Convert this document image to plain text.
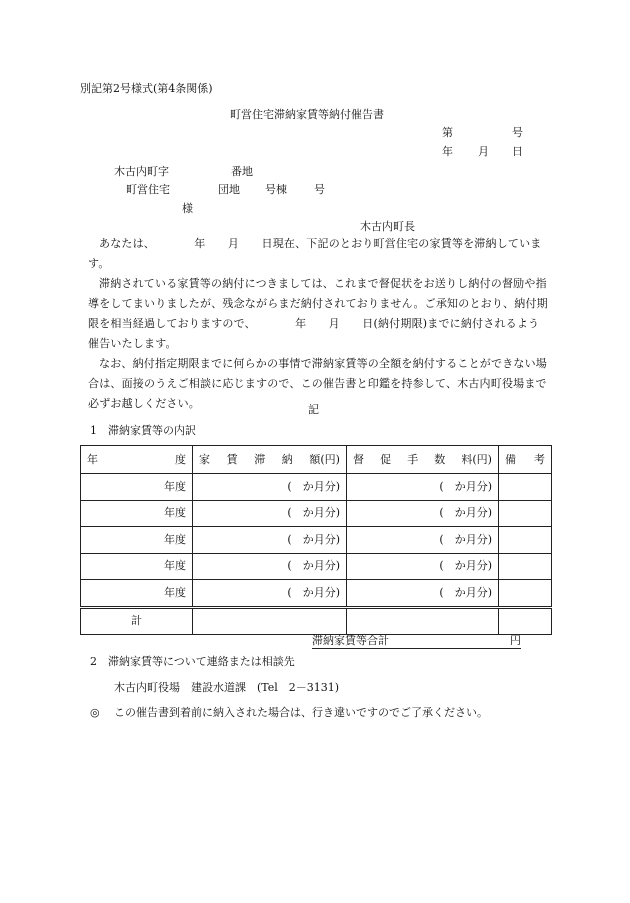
別記第2号様式(第4条関係)
町営住宅滞納家賃等納付催告書
第	号
年 月 日
木古内町字	番地
町営住宅	団地 号棟 号
様
木古内町長

あなたは、　　　　年　　月　　日現在、下記のとおり町営住宅の家賃等を滞納しています。

滞納されている家賃等の納付につきましては、これまで督促状をお送りし納付の督励や指導をしてまいりましたが、残念ながらまだ納付されておりません。ご承知のとおり、納付期限を相当経過しておりますので、　　　　年　　月　　日(納付期限)までに納付されるよう催告いたします。

なお、納付指定期限までに何らかの事情で滞納家賃等の全額を納付することができない場合は、面接のうえご相談に応じますので、この催告書と印鑑を持参して、木古内町役場まで必ずお越しください。	記
1　滞納家賃等の内訳
年 度	家 賃 滞 納 額(円)	督 促 手 数 料(円)	備 考

年度	(　か月分)	(　か月分)	
年度	(　か月分)	(　か月分)	
年度	(　か月分)	(　か月分)	
年度	(　か月分)	(　か月分)	
年度	(　か月分)	(　か月分)	
計			
滞納家賃等合計	円
2　滞納家賃等について連絡または相談先
木古内町役場　建設水道課　(Tel　2－3131)
◎ この催告書到着前に納入された場合は、行き違いですのでご了承ください。
